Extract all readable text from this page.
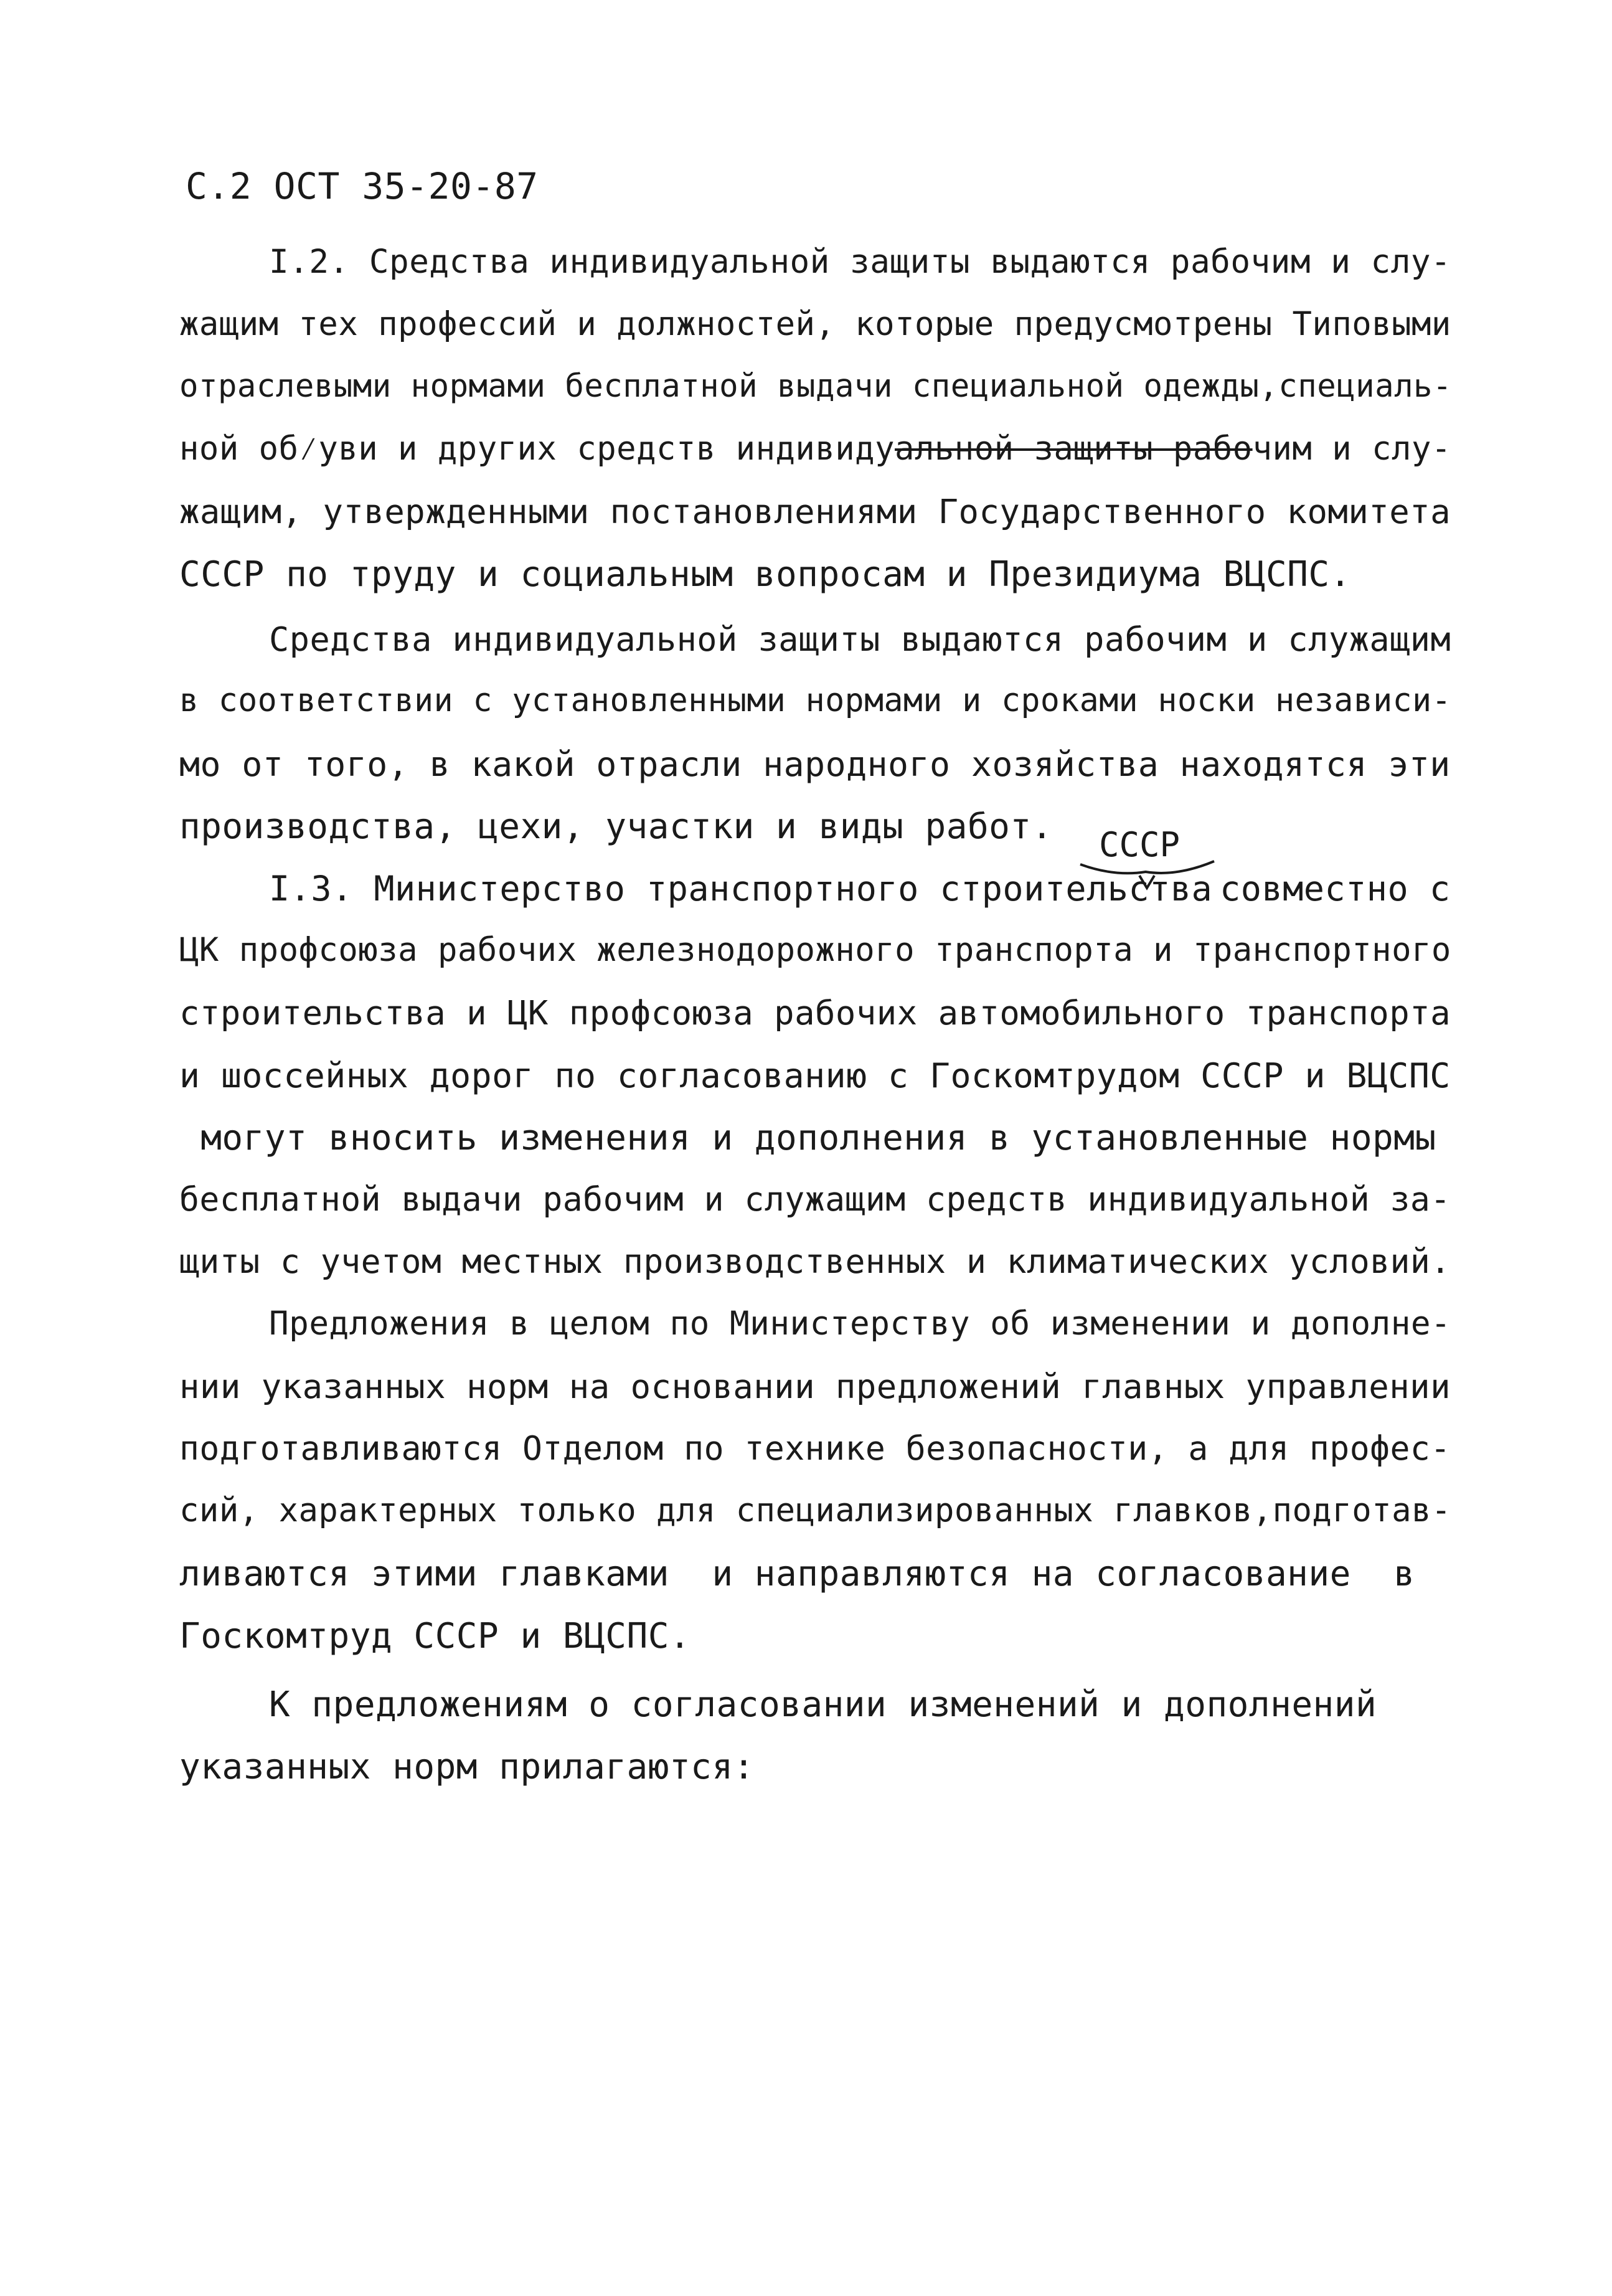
С.2 ОСТ 35-20-87
I.2. Средства индивидуальной защиты выдаются рабочим и слу-
жащим тех профессий и должностей, которые предусмотрены Типовыми
отраслевыми нормами бесплатной выдачи специальной одежды,специаль-
ной об⁄уви и других средств индивидуальной защиты рабочим и слу-
жащим, утвержденными постановлениями Государственного комитета
СССР по труду и социальным вопросам и Президиума ВЦСПС.
Средства индивидуальной защиты выдаются рабочим и служащим
в соответствии с установленными нормами и сроками носки независи-
мо от того, в какой отрасли народного хозяйства находятся эти
производства, цехи, участки и виды работ. СССР
I.3. Министерство транспортного строительства совместно с
ЦК профсоюза рабочих железнодорожного транспорта и транспортного
строительства и ЦК профсоюза рабочих автомобильного транспорта
и шоссейных дорог по согласованию с Госкомтрудом СССР и ВЦСПС
могут вносить изменения и дополнения в установленные нормы
бесплатной выдачи рабочим и служащим средств индивидуальной за-
щиты с учетом местных производственных и климатических условий.
Предложения в целом по Министерству об изменении и дополне-
нии указанных норм на основании предложений главных управлении
подготавливаются Отделом по технике безопасности, а для профес-
сий, характерных только для специализированных главков,подготав-
ливаются этими главками  и направляются на согласование  в
Госкомтруд СССР и ВЦСПС.
К предложениям о согласовании изменений и дополнений
указанных норм прилагаются:
